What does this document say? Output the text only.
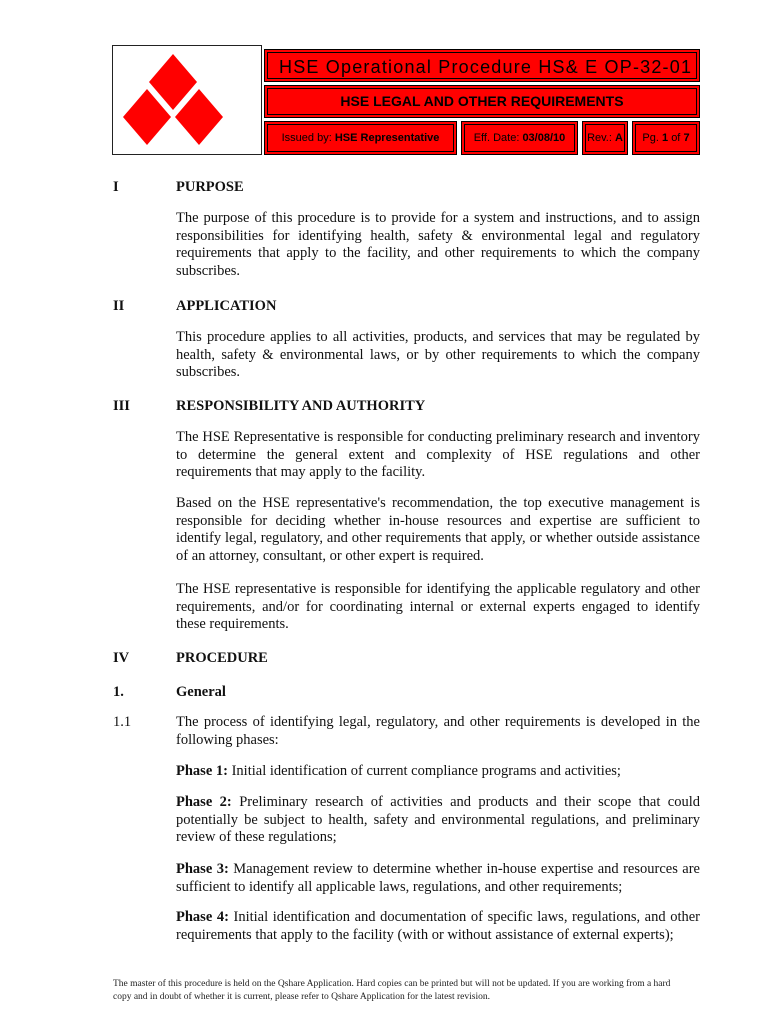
HSE Operational Procedure HS& E OP-32-01
HSE LEGAL AND OTHER REQUIREMENTS
Issued by: HSE Representative	Eff. Date: 03/08/10	Rev.: A	Pg. 1 of 7
I	PURPOSE
The purpose of this procedure is to provide for a system and instructions, and to assign responsibilities for identifying health, safety & environmental legal and regulatory requirements that apply to the facility, and other requirements to which the company subscribes.
II	APPLICATION
This procedure applies to all activities, products, and services that may be regulated by health, safety & environmental laws, or by other requirements to which the company subscribes.
III	RESPONSIBILITY AND AUTHORITY
The HSE Representative is responsible for conducting preliminary research and inventory to determine the general extent and complexity of HSE regulations and other requirements that may apply to the facility.
Based on the HSE representative's recommendation, the top executive management is responsible for deciding whether in-house resources and expertise are sufficient to identify legal, regulatory, and other requirements that apply, or whether outside assistance of an attorney, consultant, or other expert is required.
The HSE representative is responsible for identifying the applicable regulatory and other requirements, and/or for coordinating internal or external experts engaged to identify these requirements.
IV	PROCEDURE
1.	General
1.1	The process of identifying legal, regulatory, and other requirements is developed in the following phases:
Phase 1: Initial identification of current compliance programs and activities;
Phase 2: Preliminary research of activities and products and their scope that could potentially be subject to health, safety and environmental regulations, and preliminary review of these regulations;
Phase 3: Management review to determine whether in-house expertise and resources are sufficient to identify all applicable laws, regulations, and other requirements;
Phase 4: Initial identification and documentation of specific laws, regulations, and other requirements that apply to the facility (with or without assistance of external experts);
The master of this procedure is held on the Qshare Application. Hard copies can be printed but will not be updated. If you are working from a hard copy and in doubt of whether it is current, please refer to Qshare Application for the latest revision.
